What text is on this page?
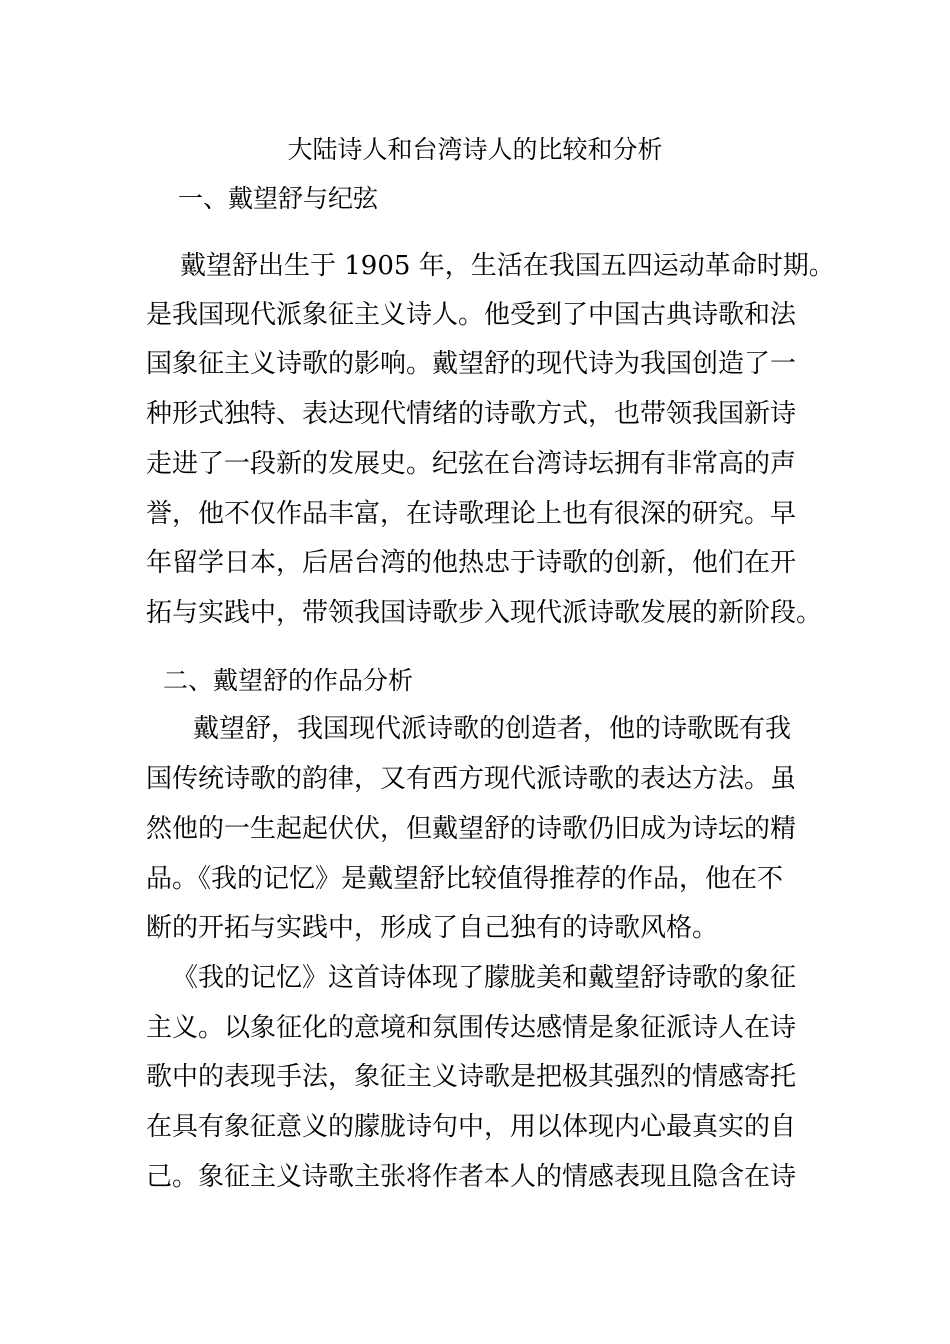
大陆诗人和台湾诗人的比较和分析
一、戴望舒与纪弦
戴望舒出生于 1905 年，生活在我国五四运动革命时期。
是我国现代派象征主义诗人。他受到了中国古典诗歌和法
国象征主义诗歌的影响。戴望舒的现代诗为我国创造了一
种形式独特、表达现代情绪的诗歌方式，也带领我国新诗
走进了一段新的发展史。纪弦在台湾诗坛拥有非常高的声
誉，他不仅作品丰富，在诗歌理论上也有很深的研究。早
年留学日本，后居台湾的他热忠于诗歌的创新，他们在开
拓与实践中，带领我国诗歌步入现代派诗歌发展的新阶段。
二、戴望舒的作品分析
戴望舒，我国现代派诗歌的创造者，他的诗歌既有我
国传统诗歌的韵律，又有西方现代派诗歌的表达方法。虽
然他的一生起起伏伏，但戴望舒的诗歌仍旧成为诗坛的精
品。《我的记忆》是戴望舒比较值得推荐的作品，他在不
断的开拓与实践中，形成了自己独有的诗歌风格。
《我的记忆》这首诗体现了朦胧美和戴望舒诗歌的象征
主义。以象征化的意境和氛围传达感情是象征派诗人在诗
歌中的表现手法，象征主义诗歌是把极其强烈的情感寄托
在具有象征意义的朦胧诗句中，用以体现内心最真实的自
己。象征主义诗歌主张将作者本人的情感表现且隐含在诗
